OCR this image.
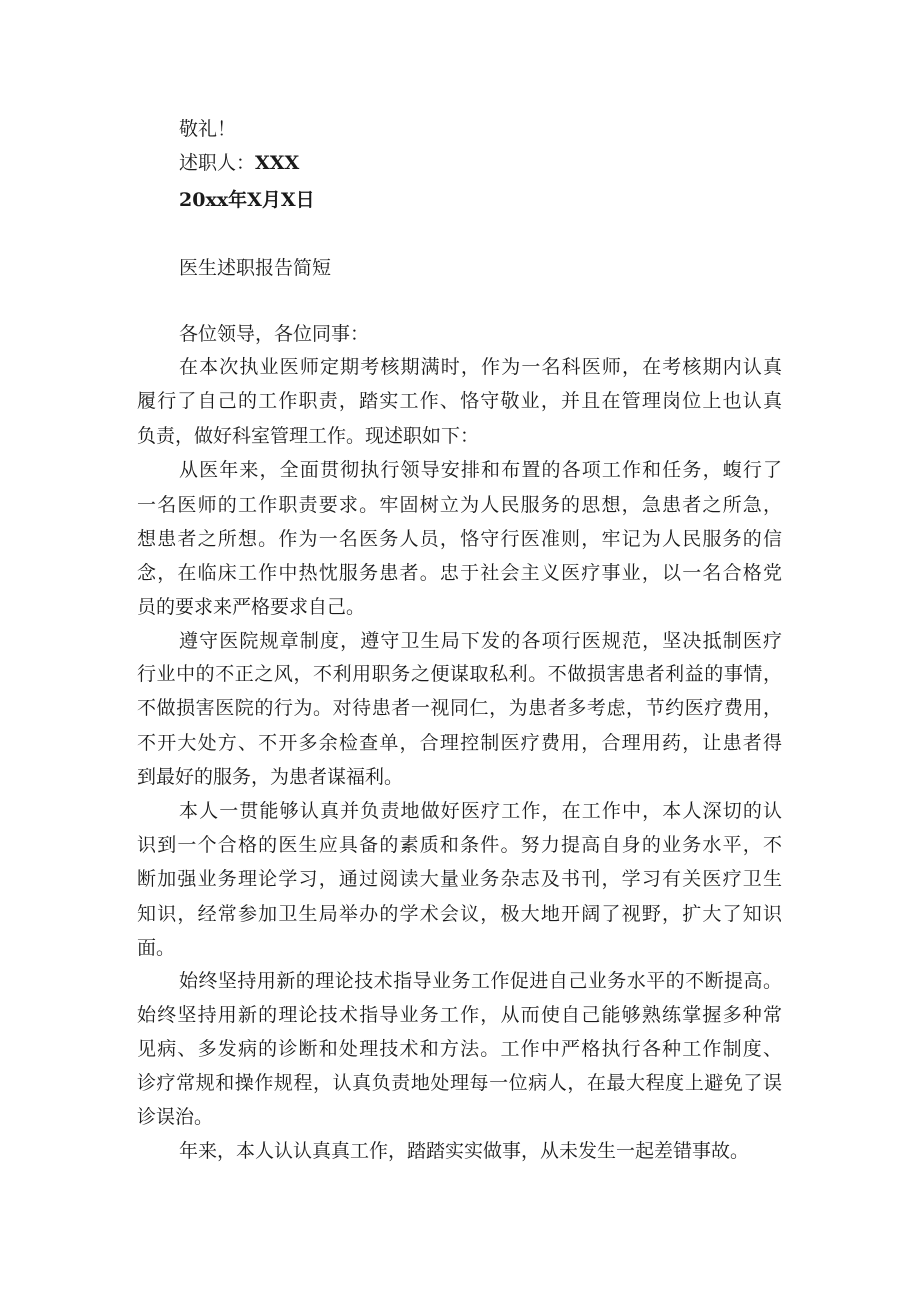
敬礼！
述职人：XXX
20xx年X月X日
医生述职报告简短
各位领导，各位同事：
在本次执业医师定期考核期满时，作为一名科医师，在考核期内认真
履行了自己的工作职责，踏实工作、恪守敬业，并且在管理岗位上也认真
负责，做好科室管理工作。现述职如下：
从医年来，全面贯彻执行领导安排和布置的各项工作和任务，蝮行了
一名医师的工作职责要求。牢固树立为人民服务的思想，急患者之所急，
想患者之所想。作为一名医务人员，恪守行医准则，牢记为人民服务的信
念，在临床工作中热忱服务患者。忠于社会主义医疗事业，以一名合格党
员的要求来严格要求自己。
遵守医院规章制度，遵守卫生局下发的各项行医规范，坚决抵制医疗
行业中的不正之风，不利用职务之便谋取私利。不做损害患者利益的事情，
不做损害医院的行为。对待患者一视同仁，为患者多考虑，节约医疗费用，
不开大处方、不开多余检查单，合理控制医疗费用，合理用药，让患者得
到最好的服务，为患者谋福利。
本人一贯能够认真并负责地做好医疗工作，在工作中，本人深切的认
识到一个合格的医生应具备的素质和条件。努力提高自身的业务水平，不
断加强业务理论学习，通过阅读大量业务杂志及书刊，学习有关医疗卫生
知识，经常参加卫生局举办的学术会议，极大地开阔了视野，扩大了知识
面。
始终坚持用新的理论技术指导业务工作促进自己业务水平的不断提高。
始终坚持用新的理论技术指导业务工作，从而使自己能够熟练掌握多种常
见病、多发病的诊断和处理技术和方法。工作中严格执行各种工作制度、
诊疗常规和操作规程，认真负责地处理每一位病人，在最大程度上避免了误
诊误治。
年来，本人认认真真工作，踏踏实实做事，从未发生一起差错事故。
